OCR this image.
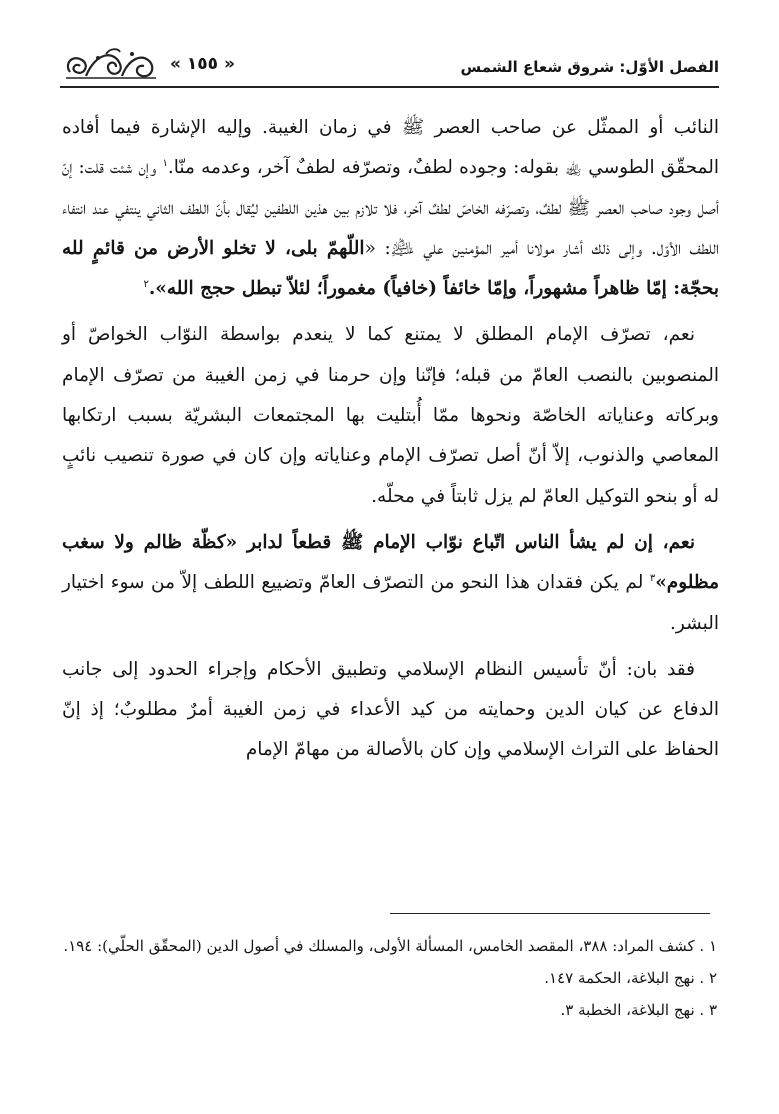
الفصل الأوّل: شروق شعاع الشمس
« ١٥٥ »

النائب أو الممثّل عن صاحب العصر ﷺ في زمان الغيبة. وإليه الإشارة فيما أفاده المحقّق الطوسي ﵀ بقوله: وجوده لطفٌ، وتصرّفه لطفٌ آخر، وعدمه منّا.$^١$ وإن شئت قلت: إنّ أصل وجود صاحب العصر ﷺ لطفٌ، وتصرّفه الخاصّ لطفٌ آخر، فلا تلازم بين هذين اللطفين ليُقال بأنّ اللطف الثاني ينتفي عند انتفاء اللطف الأوّل. وإلى ذلك أشار مولانا أمير المؤمنين علي ﵇: «اللّهمّ بلى، لا تخلو الأرض من قائمٍ لله بحجّة: إمّا ظاهراً مشهوراً، وإمّا خائفاً (خافياً) مغموراً؛ لئلاّ تبطل حجج الله».$^٢$

نعم، تصرّف الإمام المطلق لا يمتنع كما لا ينعدم بواسطة النوّاب الخواصّ أو المنصوبين بالنصب العامّ من قبله؛ فإنّنا وإن حرمنا في زمن الغيبة من تصرّف الإمام وبركاته وعناياته الخاصّة ونحوها ممّا أُبتليت بها المجتمعات البشريّة بسبب ارتكابها المعاصي والذنوب، إلاّ أنّ أصل تصرّف الإمام وعناياته وإن كان في صورة تنصيب نائبٍ له أو بنحو التوكيل العامّ لم يزل ثابتاً في محلّه.

نعم، إن لم يشأ الناس اتّباع نوّاب الإمام ﷺ قطعاً لدابر «كظّة ظالم ولا سغب مظلوم»$^٣$ لم يكن فقدان هذا النحو من التصرّف العامّ وتضييع اللطف إلاّ من سوء اختيار البشر.

فقد بان: أنّ تأسيس النظام الإسلامي وتطبيق الأحكام وإجراء الحدود إلى جانب الدفاع عن كيان الدين وحمايته من كيد الأعداء في زمن الغيبة أمرٌ مطلوبٌ؛ إذ إنّ الحفاظ على التراث الإسلامي وإن كان بالأصالة من مهامّ الإمام

١ . كشف المراد: ٣٨٨، المقصد الخامس، المسألة الأولى، والمسلك في أصول الدين (المحقّق الحلّي): ١٩٤.
٢ . نهج البلاغة، الحكمة ١٤٧.
٣ . نهج البلاغة، الخطبة ٣.
